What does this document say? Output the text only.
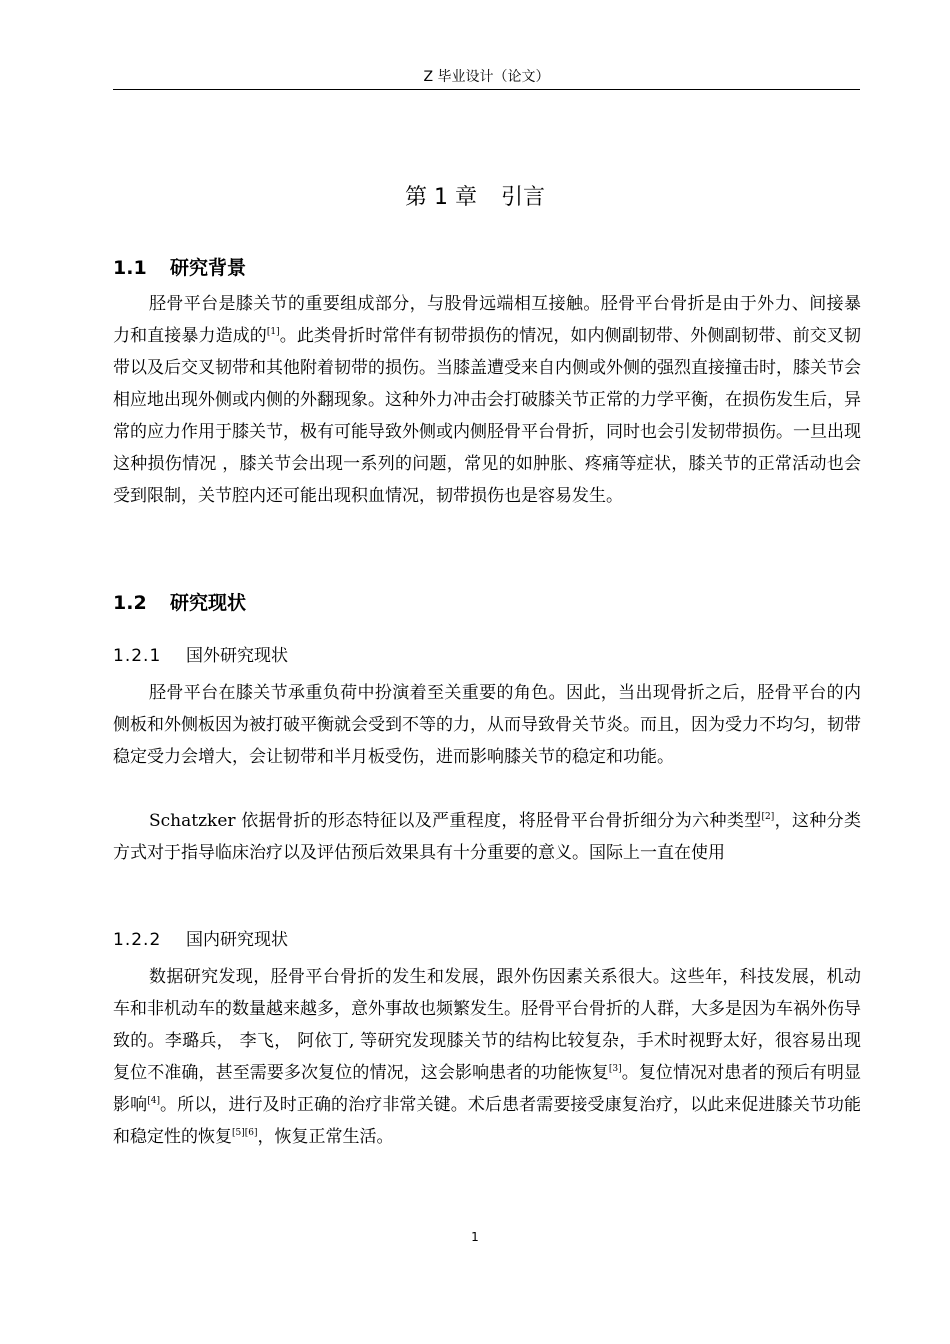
Z 毕业设计（论文）
第 1 章 引言
1.1 研究背景

胫骨平台是膝关节的重要组成部分，与股骨远端相互接触。胫骨平台骨折是由于外力、间接暴力和直接暴力造成的[1]。此类骨折时常伴有韧带损伤的情况，如内侧副韧带、外侧副韧带、前交叉韧带以及后交叉韧带和其他附着韧带的损伤。当膝盖遭受来自内侧或外侧的强烈直接撞击时，膝关节会相应地出现外侧或内侧的外翻现象。这种外力冲击会打破膝关节正常的力学平衡，在损伤发生后，异常的应力作用于膝关节，极有可能导致外侧或内侧胫骨平台骨折，同时也会引发韧带损伤。一旦出现这种损伤情况 ，膝关节会出现一系列的问题，常见的如肿胀、疼痛等症状，膝关节的正常活动也会受到限制，关节腔内还可能出现积血情况，韧带损伤也是容易发生。

1.2 研究现状
1.2.1 国外研究现状

胫骨平台在膝关节承重负荷中扮演着至关重要的角色。因此，当出现骨折之后，胫骨平台的内侧板和外侧板因为被打破平衡就会受到不等的力，从而导致骨关节炎。而且，因为受力不均匀，韧带稳定受力会增大，会让韧带和半月板受伤，进而影响膝关节的稳定和功能。

Schatzker 依据骨折的形态特征以及严重程度，将胫骨平台骨折细分为六种类型[2]，这种分类方式对于指导临床治疗以及评估预后效果具有十分重要的意义。国际上一直在使用

1.2.2 国内研究现状

数据研究发现，胫骨平台骨折的发生和发展，跟外伤因素关系很大。这些年，科技发展，机动车和非机动车的数量越来越多，意外事故也频繁发生。胫骨平台骨折的人群，大多是因为车祸外伤导致的。李璐兵， 李飞， 阿依丁, 等研究发现膝关节的结构比较复杂，手术时视野太好，很容易出现复位不准确，甚至需要多次复位的情况，这会影响患者的功能恢复[3]。复位情况对患者的预后有明显影响[4]。所以，进行及时正确的治疗非常关键。术后患者需要接受康复治疗，以此来促进膝关节功能和稳定性的恢复[5][6]，恢复正常生活。

1
